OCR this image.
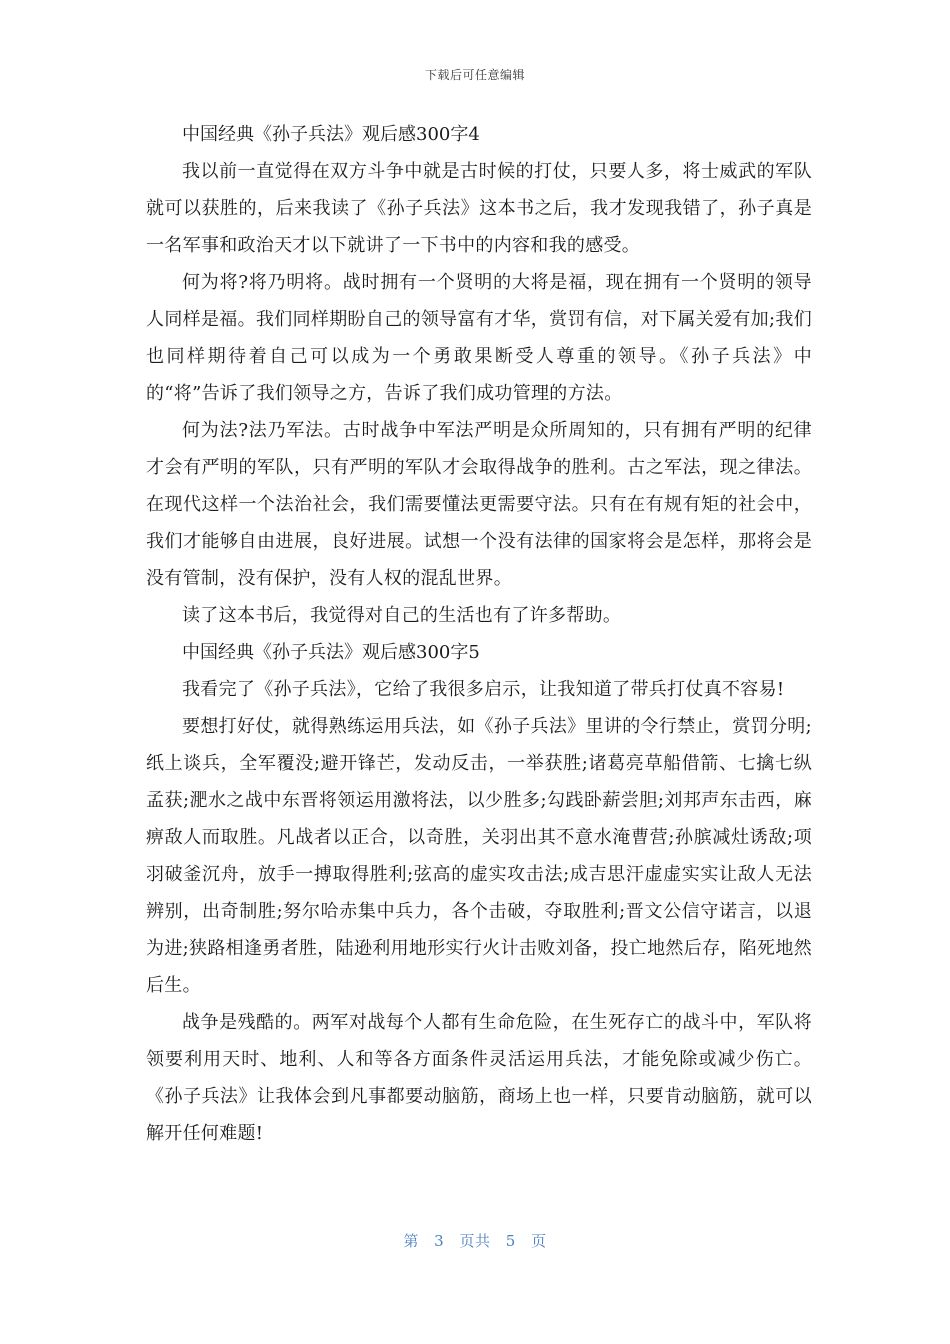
下载后可任意编辑

中国经典《孙子兵法》观后感300字4

我以前一直觉得在双方斗争中就是古时候的打仗，只要人多，将士威武的军队就可以获胜的，后来我读了《孙子兵法》这本书之后，我才发现我错了，孙子真是一名军事和政治天才以下就讲了一下书中的内容和我的感受。

何为将?将乃明将。战时拥有一个贤明的大将是福，现在拥有一个贤明的领导人同样是福。我们同样期盼自己的领导富有才华，赏罚有信，对下属关爱有加;我们也同样期待着自己可以成为一个勇敢果断受人尊重的领导。《孙子兵法》中的“将”告诉了我们领导之方，告诉了我们成功管理的方法。

何为法?法乃军法。古时战争中军法严明是众所周知的，只有拥有严明的纪律才会有严明的军队，只有严明的军队才会取得战争的胜利。古之军法，现之律法。在现代这样一个法治社会，我们需要懂法更需要守法。只有在有规有矩的社会中，我们才能够自由进展，良好进展。试想一个没有法律的国家将会是怎样，那将会是没有管制，没有保护，没有人权的混乱世界。

读了这本书后，我觉得对自己的生活也有了许多帮助。

中国经典《孙子兵法》观后感300字5

我看完了《孙子兵法》，它给了我很多启示，让我知道了带兵打仗真不容易!

要想打好仗，就得熟练运用兵法，如《孙子兵法》里讲的令行禁止，赏罚分明;纸上谈兵，全军覆没;避开锋芒，发动反击，一举获胜;诸葛亮草船借箭、七擒七纵孟获;淝水之战中东晋将领运用激将法，以少胜多;勾践卧薪尝胆;刘邦声东击西，麻痹敌人而取胜。凡战者以正合，以奇胜，关羽出其不意水淹曹营;孙膑减灶诱敌;项羽破釜沉舟，放手一搏取得胜利;弦高的虚实攻击法;成吉思汗虚虚实实让敌人无法辨别，出奇制胜;努尔哈赤集中兵力，各个击破，夺取胜利;晋文公信守诺言，以退为进;狭路相逢勇者胜，陆逊利用地形实行火计击败刘备，投亡地然后存，陷死地然后生。

战争是残酷的。两军对战每个人都有生命危险，在生死存亡的战斗中，军队将领要利用天时、地利、人和等各方面条件灵活运用兵法，才能免除或减少伤亡。《孙子兵法》让我体会到凡事都要动脑筋，商场上也一样，只要肯动脑筋，就可以解开任何难题!

第 3 页共 5 页
